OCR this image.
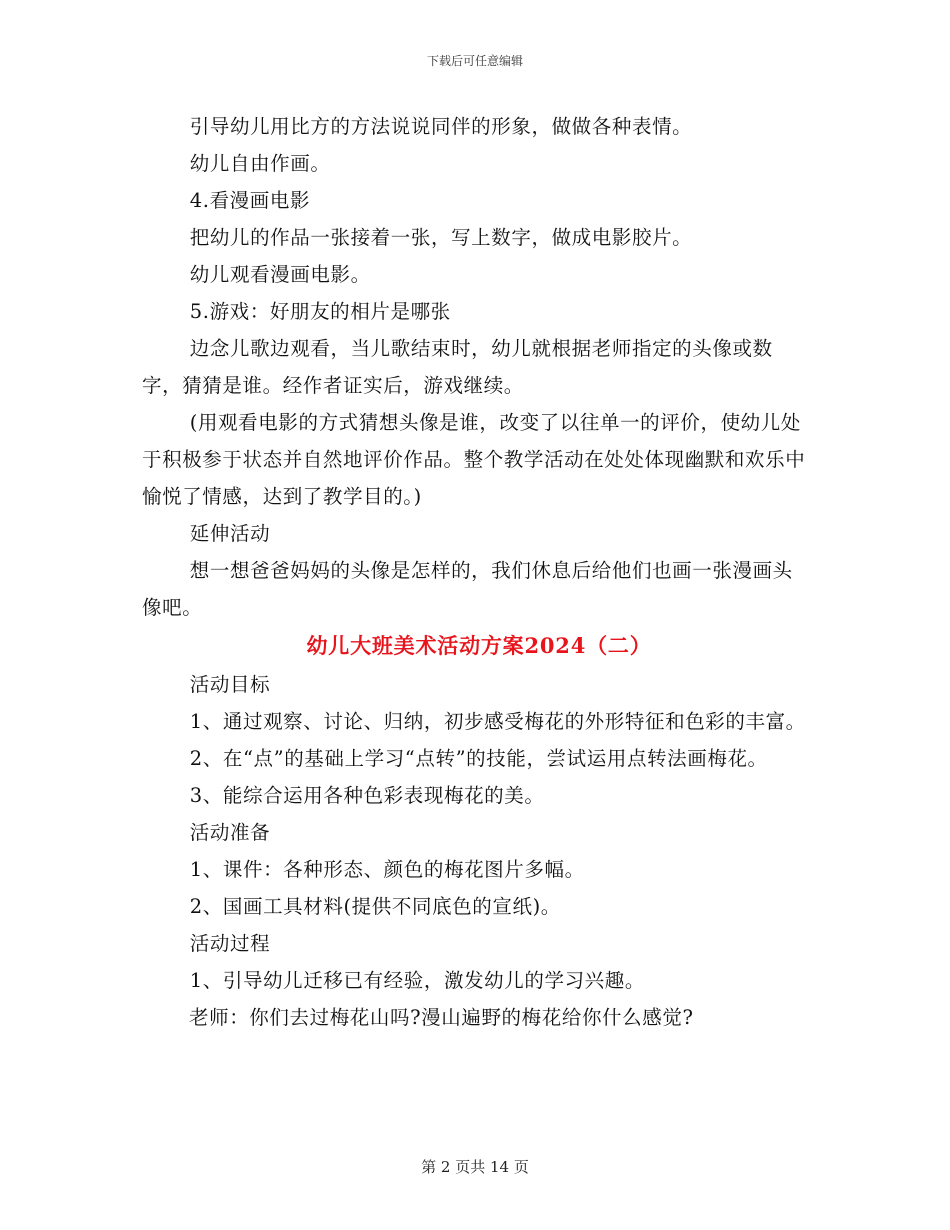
下载后可任意编辑

引导幼儿用比方的方法说说同伴的形象，做做各种表情。

幼儿自由作画。

4.看漫画电影

把幼儿的作品一张接着一张，写上数字，做成电影胶片。

幼儿观看漫画电影。

5.游戏：好朋友的相片是哪张

边念儿歌边观看，当儿歌结束时，幼儿就根据老师指定的头像或数字，猜猜是谁。经作者证实后，游戏继续。

(用观看电影的方式猜想头像是谁，改变了以往单一的评价，使幼儿处于积极参于状态并自然地评价作品。整个教学活动在处处体现幽默和欢乐中愉悦了情感，达到了教学目的。)

延伸活动

想一想爸爸妈妈的头像是怎样的，我们休息后给他们也画一张漫画头像吧。

幼儿大班美术活动方案2024（二）

活动目标

1、通过观察、讨论、归纳，初步感受梅花的外形特征和色彩的丰富。

2、在“点”的基础上学习“点转”的技能，尝试运用点转法画梅花。

3、能综合运用各种色彩表现梅花的美。

活动准备

1、课件：各种形态、颜色的梅花图片多幅。

2、国画工具材料(提供不同底色的宣纸)。

活动过程

1、引导幼儿迁移已有经验，激发幼儿的学习兴趣。

老师：你们去过梅花山吗?漫山遍野的梅花给你什么感觉?

第 2 页共 14 页
